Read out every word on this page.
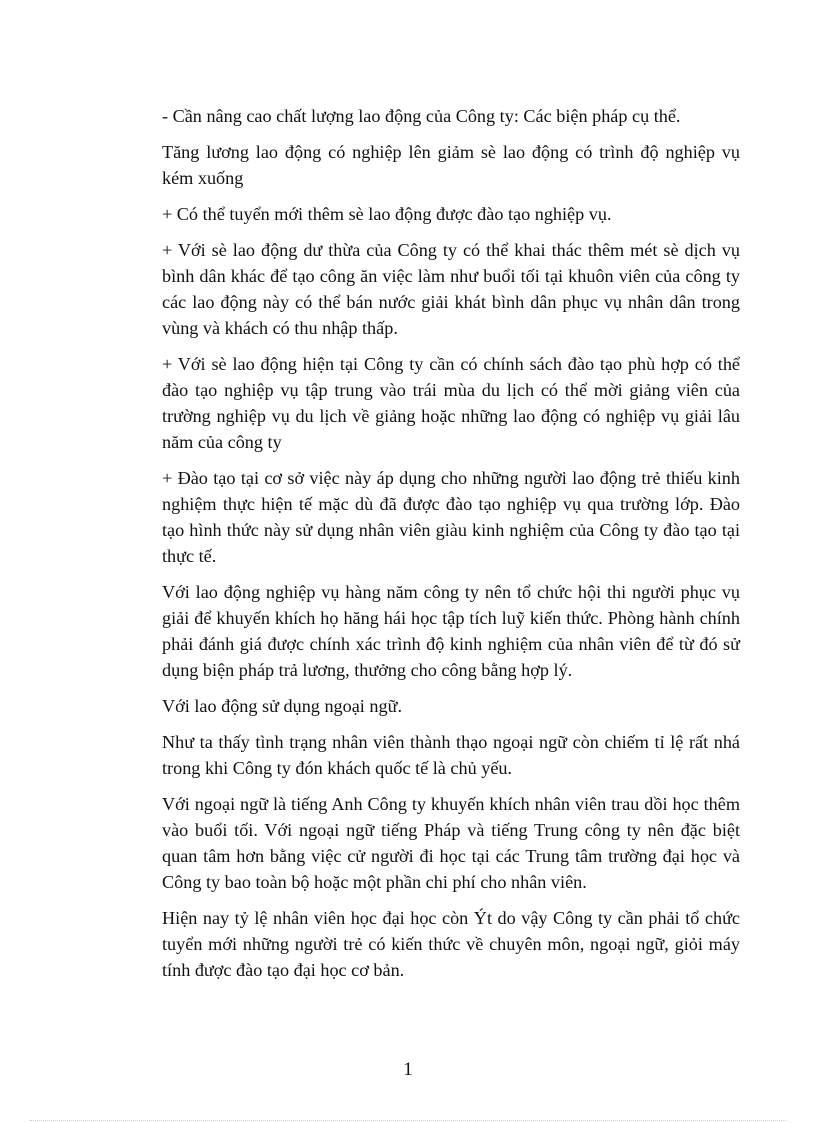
- Cần nâng cao chất lượng lao động của Công ty: Các biện pháp cụ thể.

Tăng lương lao động có nghiệp lên giảm sè lao động có trình độ nghiệp vụ kém xuống

+ Có thể tuyển mới thêm sè lao động được đào tạo nghiệp vụ.

+ Với sè lao động dư thừa của Công ty có thể khai thác thêm mét sè dịch vụ bình dân khác để tạo công ăn việc làm như buổi tối tại khuôn viên của công ty các lao động này có thể bán nước giải khát bình dân phục vụ nhân dân trong vùng và khách có thu nhập thấp.

+ Với sè lao động hiện tại Công ty cần có chính sách đào tạo phù hợp có thể đào tạo nghiệp vụ tập trung vào trái mùa du lịch có thể mời giảng viên của trường nghiệp vụ du lịch về giảng hoặc những lao động có nghiệp vụ giải lâu năm của công ty

+ Đào tạo tại cơ sở việc này áp dụng cho những người lao động trẻ thiếu kinh nghiệm thực hiện tế mặc dù đã được đào tạo nghiệp vụ qua trường lớp. Đào tạo hình thức này sử dụng nhân viên giàu kinh nghiệm của Công ty đào tạo tại thực tế.

Với lao động nghiệp vụ hàng năm công ty nên tổ chức hội thi người phục vụ giải để khuyến khích họ hăng hái học tập tích luỹ kiến thức. Phòng hành chính phải đánh giá được chính xác trình độ kinh nghiệm của nhân viên để từ đó sử dụng biện pháp trả lương, thưởng cho công bằng hợp lý.

Với lao động sử dụng ngoại ngữ.

Như ta thấy tình trạng nhân viên thành thạo ngoại ngữ còn chiếm tỉ lệ rất nhá trong khi Công ty đón khách quốc tế là chủ yếu.

Với ngoại ngữ là tiếng Anh Công ty khuyến khích nhân viên trau dồi học thêm vào buổi tối. Với ngoại ngữ tiếng Pháp và tiếng Trung công ty nên đặc biệt quan tâm hơn bằng việc cử người đi học tại các Trung tâm trường đại học và Công ty bao toàn bộ hoặc một phần chi phí cho nhân viên.

Hiện nay tỷ lệ nhân viên học đại học còn Ýt do vậy Công ty cần phải tổ chức tuyển mới những người trẻ có kiến thức về chuyên môn, ngoại ngữ, giỏi máy tính được đào tạo đại học cơ bản.

1
